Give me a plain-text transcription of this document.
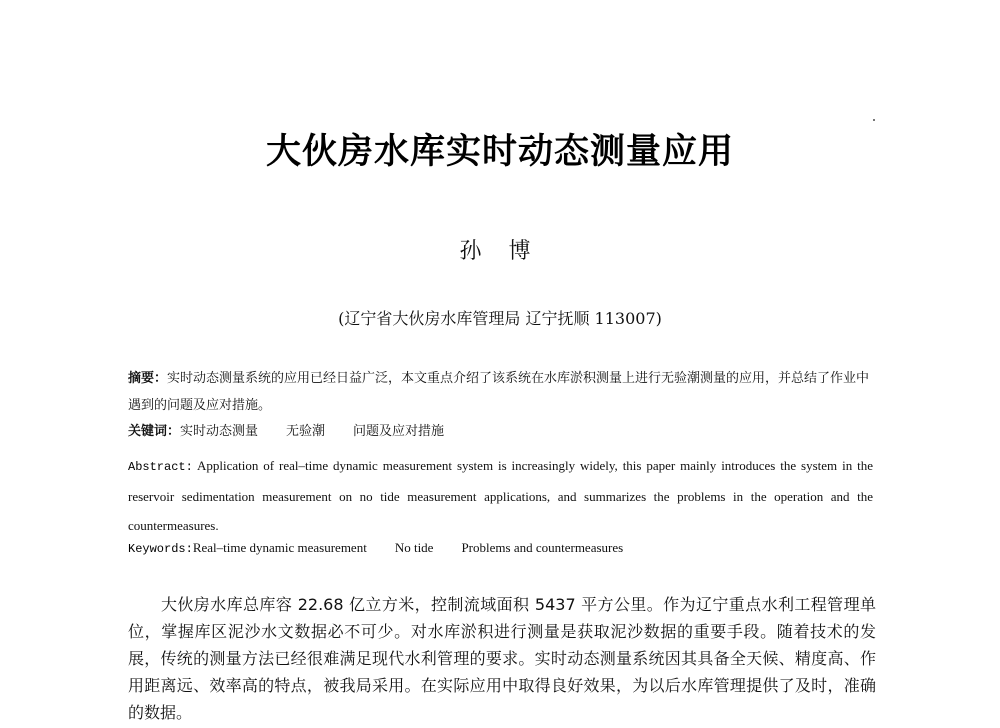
大伙房水库实时动态测量应用
孙 博
(辽宁省大伙房水库管理局 辽宁抚顺 113007)
摘要：实时动态测量系统的应用已经日益广泛，本文重点介绍了该系统在水库淤积测量上进行无验潮测量的应用，并总结了作业中遇到的问题及应对措施。
关键词：实时动态测量 无验潮 问题及应对措施
Abstract: Application of real–time dynamic measurement system is increasingly widely, this paper mainly introduces the system in the reservoir sedimentation measurement on no tide measurement applications, and summarizes the problems in the operation and the countermeasures.
Keywords:Real–time dynamic measurement No tide Problems and countermeasures
大伙房水库总库容 22.68 亿立方米，控制流域面积 5437 平方公里。作为辽宁重点水利工程管理单位，掌握库区泥沙水文数据必不可少。对水库淤积进行测量是获取泥沙数据的重要手段。随着技术的发展，传统的测量方法已经很难满足现代水利管理的要求。实时动态测量系统因其具备全天候、精度高、作用距离远、效率高的特点，被我局采用。在实际应用中取得良好效果，为以后水库管理提供了及时，准确的数据。
